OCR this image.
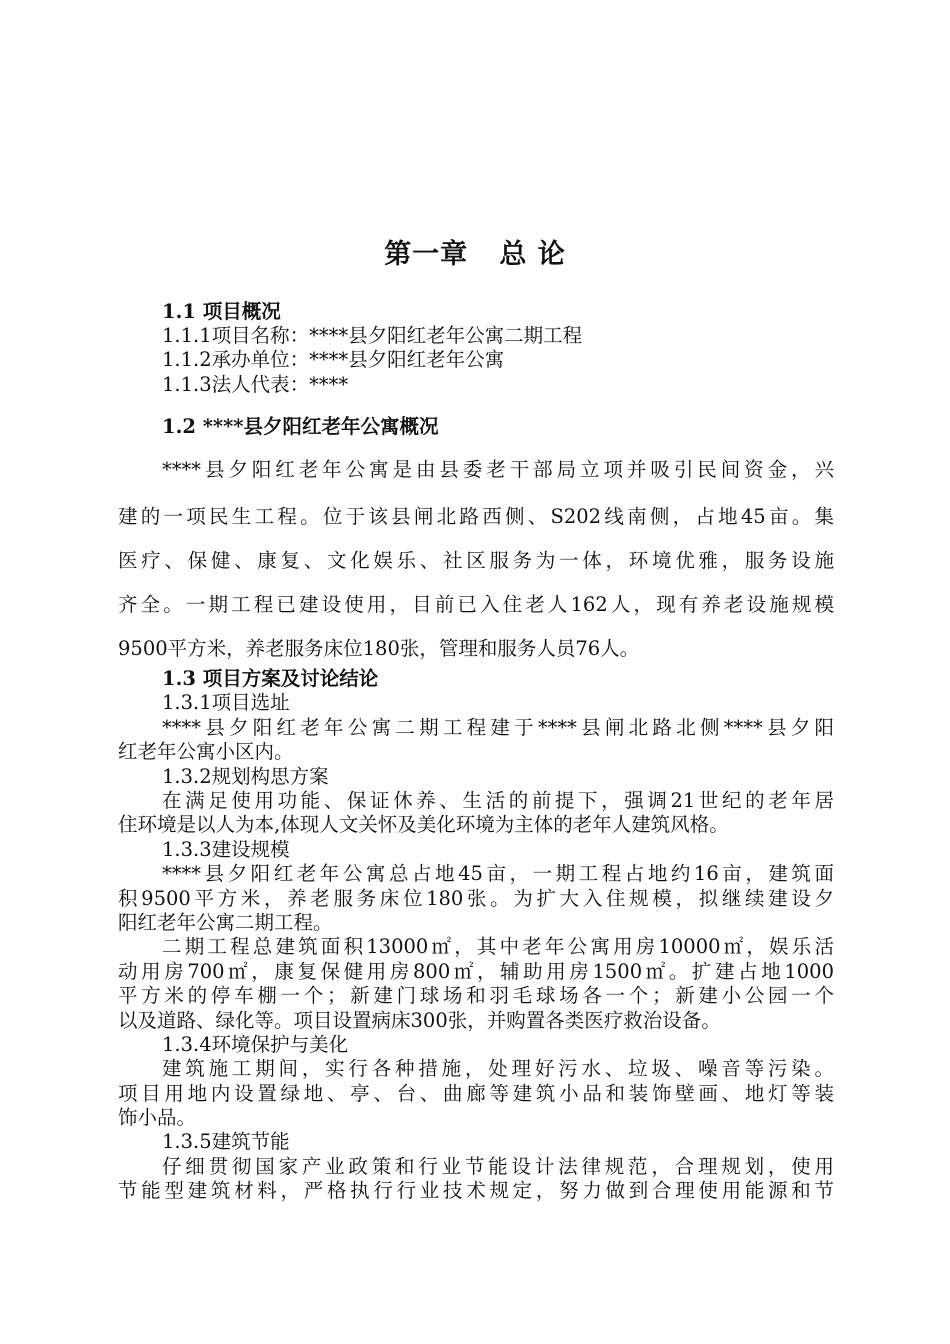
第一章   总 论
1.1 项目概况
1.1.1项目名称：****县夕阳红老年公寓二期工程
1.1.2承办单位：****县夕阳红老年公寓
1.1.3法人代表：****
1.2 ****县夕阳红老年公寓概况
****县夕阳红老年公寓是由县委老干部局立项并吸引民间资金，兴
建的一项民生工程。位于该县闸北路西侧、S202线南侧，占地45亩。集
医疗、保健、康复、文化娱乐、社区服务为一体，环境优雅，服务设施
齐全。一期工程已建设使用，目前已入住老人162人，现有养老设施规模
9500平方米，养老服务床位180张，管理和服务人员76人。
1.3 项目方案及讨论结论
1.3.1项目选址
****县夕阳红老年公寓二期工程建于****县闸北路北侧****县夕阳
红老年公寓小区内。
1.3.2规划构思方案
在满足使用功能、保证休养、生活的前提下，强调21世纪的老年居
住环境是以人为本,体现人文关怀及美化环境为主体的老年人建筑风格。
1.3.3建设规模
****县夕阳红老年公寓总占地45亩，一期工程占地约16亩，建筑面
积9500平方米，养老服务床位180张。为扩大入住规模，拟继续建设夕
阳红老年公寓二期工程。
二期工程总建筑面积13000㎡，其中老年公寓用房10000㎡，娱乐活
动用房700㎡，康复保健用房800㎡，辅助用房1500㎡。扩建占地1000
平方米的停车棚一个；新建门球场和羽毛球场各一个；新建小公园一个
以及道路、绿化等。项目设置病床300张，并购置各类医疗救治设备。
1.3.4环境保护与美化
建筑施工期间，实行各种措施，处理好污水、垃圾、噪音等污染。
项目用地内设置绿地、亭、台、曲廊等建筑小品和装饰壁画、地灯等装
饰小品。
1.3.5建筑节能
仔细贯彻国家产业政策和行业节能设计法律规范，合理规划，使用
节能型建筑材料，严格执行行业技术规定，努力做到合理使用能源和节
